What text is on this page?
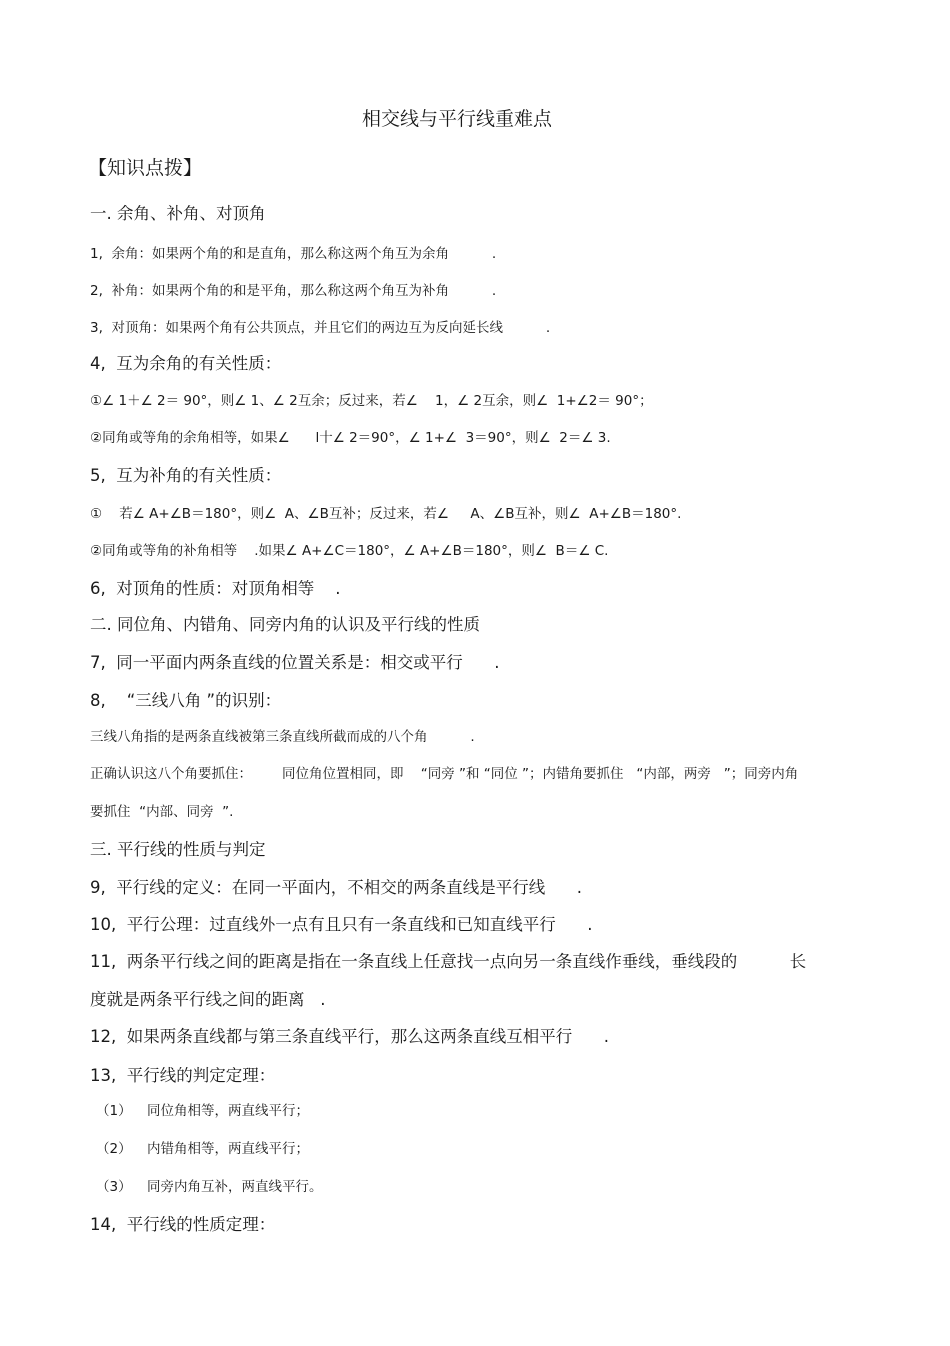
相交线与平行线重难点
【知识点拨】
一. 余角、补角、对顶角
1,  余角：如果两个角的和是直角，那么称这两个角互为余角          .
2,  补角：如果两个角的和是平角，那么称这两个角互为补角          .
3,  对顶角：如果两个角有公共顶点，并且它们的两边互为反向延长线          .
4,  互为余角的有关性质：
①∠ 1＋∠ 2＝ 90°，则∠ 1、∠ 2互余；反过来，若∠    1，∠ 2互余，则∠  1+∠2＝ 90°；
②同角或等角的余角相等，如果∠      l十∠ 2＝90°，∠ 1+∠  3＝90°，则∠  2＝∠ 3.
5,  互为补角的有关性质：
①    若∠ A+∠B＝180°，则∠  A、∠B互补；反过来，若∠     A、∠B互补，则∠  A+∠B＝180°.
②同角或等角的补角相等    .如果∠ A+∠C＝180°，∠ A+∠B＝180°，则∠  B＝∠ C.
6,  对顶角的性质：对顶角相等    .
二. 同位角、内错角、同旁内角的认识及平行线的性质
7,  同一平面内两条直线的位置关系是：相交或平行      .
8,    “三线八角 ”的识别：
三线八角指的是两条直线被第三条直线所截而成的八个角          .
正确认识这八个角要抓住：       同位角位置相同，即    “同旁 ”和 “同位 ”；内错角要抓住   “内部，两旁   ”；同旁内角
要抓住  “内部、同旁  ”.
三. 平行线的性质与判定
9,  平行线的定义：在同一平面内，不相交的两条直线是平行线      .
10,  平行公理：过直线外一点有且只有一条直线和已知直线平行      .
11,  两条平行线之间的距离是指在一条直线上任意找一点向另一条直线作垂线，垂线段的          长
度就是两条平行线之间的距离   .
12,  如果两条直线都与第三条直线平行，那么这两条直线互相平行      .
13,  平行线的判定定理：
（1） 同位角相等，两直线平行；
（2） 内错角相等，两直线平行；
（3） 同旁内角互补，两直线平行。
14,  平行线的性质定理：
